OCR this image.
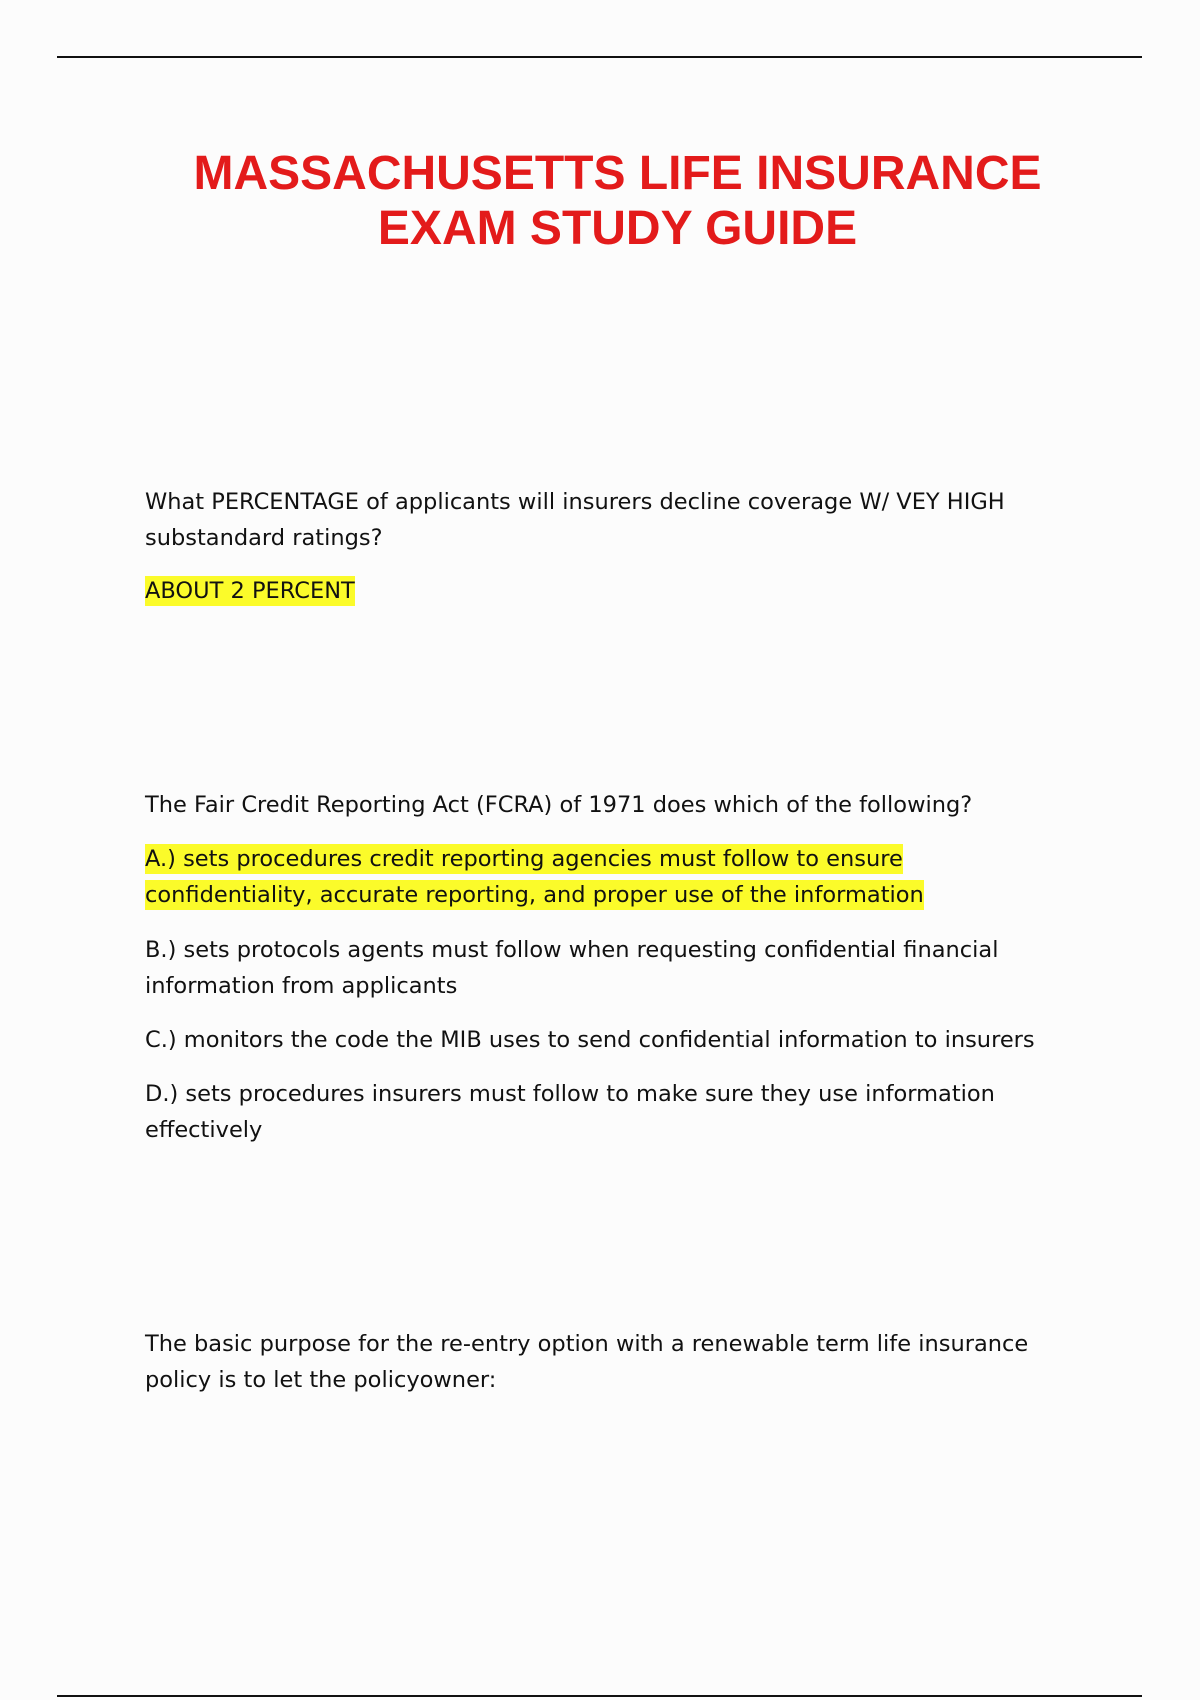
MASSACHUSETTS LIFE INSURANCE
EXAM STUDY GUIDE

What PERCENTAGE of applicants will insurers decline coverage W/ VEY HIGH
substandard ratings?

ABOUT 2 PERCENT

The Fair Credit Reporting Act (FCRA) of 1971 does which of the following?

A.) sets procedures credit reporting agencies must follow to ensure
confidentiality, accurate reporting, and proper use of the information
B.) sets protocols agents must follow when requesting confidential financial
information from applicants
C.) monitors the code the MIB uses to send confidential information to insurers
D.) sets procedures insurers must follow to make sure they use information
effectively

The basic purpose for the re-entry option with a renewable term life insurance
policy is to let the policyowner:
